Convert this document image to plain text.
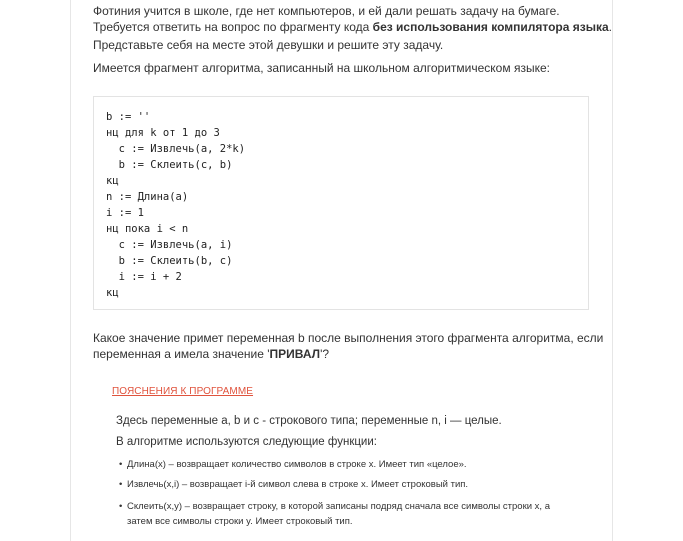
Фотиния учится в школе, где нет компьютеров, и ей дали решать задачу на бумаге.
Требуется ответить на вопрос по фрагменту кода без использования компилятора языка.
Представьте себя на месте этой девушки и решите эту задачу.
Имеется фрагмент алгоритма, записанный на школьном алгоритмическом языке:
b := ''
нц для k от 1 до 3
c := Извлечь(a, 2*k)
b := Склеить(c, b)
кц
n := Длина(a)
i := 1
нц пока i < n
c := Извлечь(a, i)
b := Склеить(b, c)
i := i + 2
кц
Какое значение примет переменная b после выполнения этого фрагмента алгоритма, если
переменная а имела значение 'ПРИВАЛ'?
ПОЯСНЕНИЯ К ПРОГРАММЕ
Здесь переменные a, b и c - строкового типа; переменные n, i — целые.
В алгоритме используются следующие функции:
• Длина(x) – возвращает количество символов в строке x. Имеет тип «целое».
• Извлечь(x,i) – возвращает i-й символ слева в строке x. Имеет строковый тип.
• Склеить(x,y) – возвращает строку, в которой записаны подряд сначала все символы строки x, а
затем все символы строки y. Имеет строковый тип.
